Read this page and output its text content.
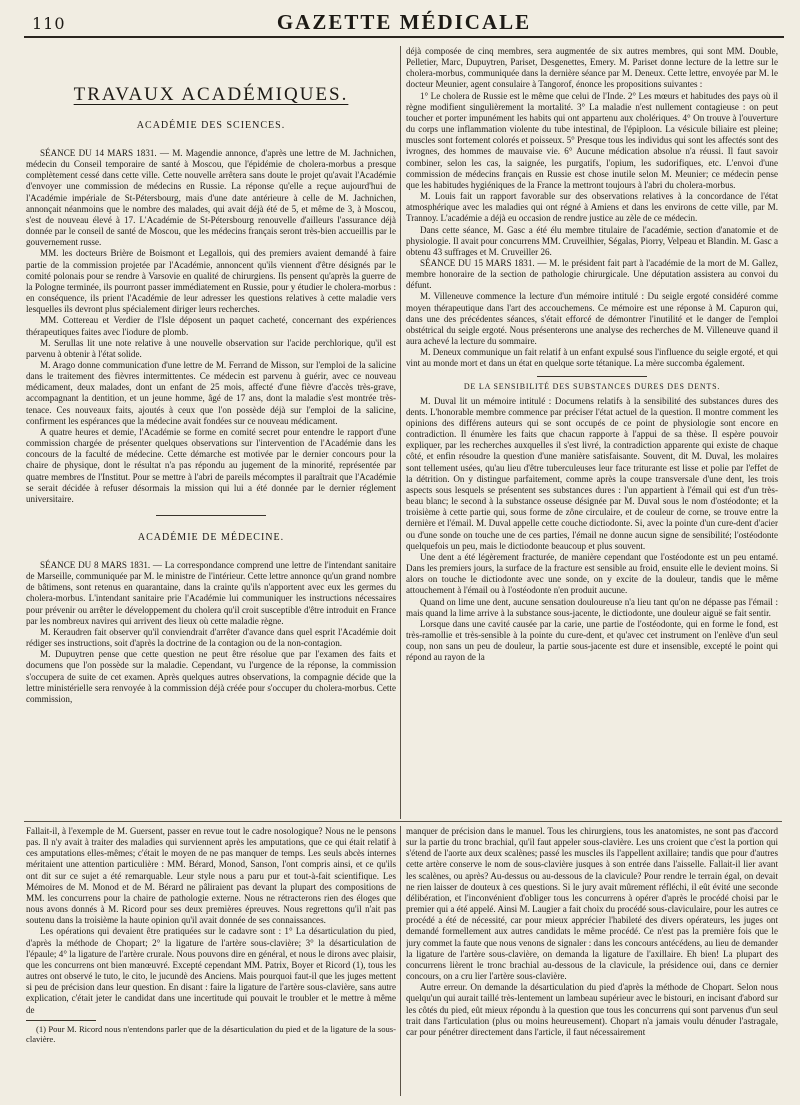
110	GAZETTE MÉDICALE
TRAVAUX ACADÉMIQUES.
ACADÉMIE DES SCIENCES.

SÉANCE DU 14 MARS 1831. — M. Magendie annonce, d'après une lettre de M. Jachnichen, médecin du Conseil temporaire de santé à Moscou, que l'épidémie de cholera-morbus a presque complètement cessé dans cette ville. Cette nouvelle arrêtera sans doute le projet qu'avait l'Académie d'envoyer une commission de médecins en Russie. La réponse qu'elle a reçue aujourd'hui de l'Académie impériale de St-Pétersbourg, mais d'une date antérieure à celle de M. Jachnichen, annonçait néanmoins que le nombre des malades, qui avait déjà été de 5, et même de 3, à Moscou, s'est de nouveau élevé à 17. L'Académie de St-Pétersbourg renouvelle d'ailleurs l'assurance déjà donnée par le conseil de santé de Moscou, que les médecins français seront très-bien accueillis par le gouvernement russe.

MM. les docteurs Brière de Boismont et Legallois, qui des premiers avaient demandé à faire partie de la commission projetée par l'Académie, annoncent qu'ils viennent d'être désignés par le comité polonais pour se rendre à Varsovie en qualité de chirurgiens. Ils pensent qu'après la guerre de la Pologne terminée, ils pourront passer immédiatement en Russie, pour y étudier le cholera-morbus : en conséquence, ils prient l'Académie de leur adresser les questions relatives à cette maladie vers lesquelles ils devront plus spécialement diriger leurs recherches.

MM. Cottereau et Verdier de l'Isle déposent un paquet cacheté, concernant des expériences thérapeutiques faites avec l'iodure de plomb.

M. Serullas lit une note relative à une nouvelle observation sur l'acide perchlorique, qu'il est parvenu à obtenir à l'état solide.

M. Arago donne communication d'une lettre de M. Ferrand de Misson, sur l'emploi de la salicine dans le traitement des fièvres intermittentes. Ce médecin est parvenu à guérir, avec ce nouveau médicament, deux malades, dont un enfant de 25 mois, affecté d'une fièvre d'accès très-grave, accompagnant la dentition, et un jeune homme, âgé de 17 ans, dont la maladie s'est montrée très-tenace. Ces nouveaux faits, ajoutés à ceux que l'on possède déjà sur l'emploi de la salicine, confirment les espérances que la médecine avait fondées sur ce nouveau médicament.

A quatre heures et demie, l'Académie se forme en comité secret pour entendre le rapport d'une commission chargée de présenter quelques observations sur l'intervention de l'Académie dans les concours de la faculté de médecine. Cette démarche est motivée par le dernier concours pour la chaire de physique, dont le résultat n'a pas répondu au jugement de la minorité, représentée par quatre membres de l'Institut. Pour se mettre à l'abri de pareils mécomptes il paraîtrait que l'Académie se serait décidée à refuser désormais la mission qui lui a été donnée par le dernier réglement universitaire.

ACADÉMIE DE MÉDECINE.

SÉANCE DU 8 MARS 1831. — La correspondance comprend une lettre de l'intendant sanitaire de Marseille, communiquée par M. le ministre de l'intérieur. Cette lettre annonce qu'un grand nombre de bâtimens, sont retenus en quarantaine, dans la crainte qu'ils n'apportent avec eux les germes du cholera-morbus. L'intendant sanitaire prie l'Académie lui communiquer les instructions nécessaires pour prévenir ou arrêter le développement du cholera qu'il croit susceptible d'être introduit en France par les nombreux navires qui arrivent des lieux où cette maladie règne.

M. Keraudren fait observer qu'il conviendrait d'arrêter d'avance dans quel esprit l'Académie doit rédiger ses instructions, soit d'après la doctrine de la contagion ou de la non-contagion.

M. Dupuytren pense que cette question ne peut être résolue que par l'examen des faits et documens que l'on possède sur la maladie. Cependant, vu l'urgence de la réponse, la commission s'occupera de suite de cet examen. Après quelques autres observations, la compagnie décide que la lettre ministérielle sera renvoyée à la commission déjà créée pour s'occuper du cholera-morbus. Cette commission,

déjà composée de cinq membres, sera augmentée de six autres membres, qui sont MM. Double, Pelletier, Marc, Dupuytren, Pariset, Desgenettes, Emery. M. Pariset donne lecture de la lettre sur le cholera-morbus, communiquée dans la dernière séance par M. Deneux. Cette lettre, envoyée par M. le docteur Meunier, agent consulaire à Tangorof, énonce les propositions suivantes :

1° Le cholera de Russie est le même que celui de l'Inde. 2° Les mœurs et habitudes des pays où il règne modifient singulièrement la mortalité. 3° La maladie n'est nullement contagieuse : on peut toucher et porter impunément les habits qui ont appartenu aux cholériques. 4° On trouve à l'ouverture du corps une inflammation violente du tube intestinal, de l'épiploon. La vésicule biliaire est pleine; muscles sont fortement colorés et poisseux. 5° Presque tous les individus qui sont les affectés sont des ivrognes, des hommes de mauvaise vie. 6° Aucune médication absolue n'a réussi. Il faut savoir combiner, selon les cas, la saignée, les purgatifs, l'opium, les sudorifiques, etc. L'envoi d'une commission de médecins français en Russie est chose inutile selon M. Meunier; ce médecin pense que les habitudes hygiéniques de la France la mettront toujours à l'abri du cholera-morbus.

M. Louis fait un rapport favorable sur des observations relatives à la concordance de l'état atmosphérique avec les maladies qui ont régné à Amiens et dans les environs de cette ville, par M. Trannoy. L'académie a déjà eu occasion de rendre justice au zèle de ce médecin.

Dans cette séance, M. Gasc a été élu membre titulaire de l'académie, section d'anatomie et de physiologie. Il avait pour concurrens MM. Cruveilhier, Ségalas, Piorry, Velpeau et Blandin. M. Gasc a obtenu 43 suffrages et M. Cruveiller 26.

SÉANCE DU 15 MARS 1831. — M. le président fait part à l'académie de la mort de M. Gallez, membre honoraire de la section de pathologie chirurgicale. Une députation assistera au convoi du défunt.

M. Villeneuve commence la lecture d'un mémoire intitulé : Du seigle ergoté considéré comme moyen thérapeutique dans l'art des accouchemens. Ce mémoire est une réponse à M. Capuron qui, dans une des précédentes séances, s'était efforcé de démontrer l'inutilité et le danger de l'emploi obstétrical du seigle ergoté. Nous présenterons une analyse des recherches de M. Villeneuve quand il aura achevé la lecture du sommaire.

M. Deneux communique un fait relatif à un enfant expulsé sous l'influence du seigle ergoté, et qui vint au monde mort et dans un état en quelque sorte tétanique. La mère succomba également.

DE LA SENSIBILITÉ DES SUBSTANCES DURES DES DENTS.

M. Duval lit un mémoire intitulé : Documens relatifs à la sensibilité des substances dures des dents. L'honorable membre commence par préciser l'état actuel de la question. Il montre comment les opinions des différens auteurs qui se sont occupés de ce point de physiologie sont encore en contradiction. Il énumère les faits que chacun rapporte à l'appui de sa thèse. Il espère pouvoir expliquer, par les recherches auxquelles il s'est livré, la contradiction apparente qui existe de chaque côté, et enfin résoudre la question d'une manière satisfaisante. Souvent, dit M. Duval, les molaires sont tellement usées, qu'au lieu d'être tuberculeuses leur face triturante est lisse et polie par l'effet de la détrition. On y distingue parfaitement, comme après la coupe transversale d'une dent, les trois aspects sous lesquels se présentent ses substances dures : l'un appartient à l'émail qui est d'un très-beau blanc; le second à la substance osseuse désignée par M. Duval sous le nom d'ostéodonte; et la troisième à cette partie qui, sous forme de zône circulaire, et de couleur de corne, se trouve entre la dernière et l'émail. M. Duval appelle cette couche dictiodonte. Si, avec la pointe d'un cure-dent d'acier ou d'une sonde on touche une de ces parties, l'émail ne donne aucun signe de sensibilité; l'ostéodonte quelquefois un peu, mais le dictiodonte beaucoup et plus souvent.

Une dent a été légèrement fracturée, de manière cependant que l'ostéodonte est un peu entamé. Dans les premiers jours, la surface de la fracture est sensible au froid, ensuite elle le devient moins. Si alors on touche le dictiodonte avec une sonde, on y excite de la douleur, tandis que le même attouchement à l'émail ou à l'ostéodonte n'en produit aucune.

Quand on lime une dent, aucune sensation douloureuse n'a lieu tant qu'on ne dépasse pas l'émail : mais quand la lime arrive à la substance sous-jacente, le dictiodonte, une douleur aiguë se fait sentir.

Lorsque dans une cavité causée par la carie, une partie de l'ostéodonte, qui en forme le fond, est très-ramollie et très-sensible à la pointe du cure-dent, et qu'avec cet instrument on l'enlève d'un seul coup, non sans un peu de douleur, la partie sous-jacente est dure et insensible, excepté le point qui répond au rayon de la

Fallait-il, à l'exemple de M. Guersent, passer en revue tout le cadre nosologique? Nous ne le pensons pas. Il n'y avait à traiter des maladies qui surviennent après les amputations, que ce qui était relatif à ces amputations elles-mêmes; c'était le moyen de ne pas manquer de temps. Les seuls abcès internes méritaient une attention particulière : MM. Bérard, Monod, Sanson, l'ont compris ainsi, et ce qu'ils ont dit sur ce sujet a été remarquable. Leur style nous a paru pur et tout-à-fait scientifique. Les Mémoires de M. Monod et de M. Bérard ne pâliraient pas devant la plupart des compositions de MM. les concurrens pour la chaire de pathologie externe. Nous ne rétracterons rien des éloges que nous avons donnés à M. Ricord pour ses deux premières épreuves. Nous regrettons qu'il n'ait pas soutenu dans la troisième la haute opinion qu'il avait donnée de ses connaissances.

Les opérations qui devaient être pratiquées sur le cadavre sont : 1° La désarticulation du pied, d'après la méthode de Chopart; 2° la ligature de l'artère sous-clavière; 3° la désarticulation de l'épaule; 4° la ligature de l'artère crurale. Nous pouvons dire en général, et nous le dirons avec plaisir, que les concurrens ont bien manœuvré. Excepté cependant MM. Patrix, Boyer et Ricord (1), tous les autres ont observé le tuto, le cito, le jucundè des Anciens. Mais pourquoi faut-il que les juges mettent si peu de précision dans leur question. En disant : faire la ligature de l'artère sous-clavière, sans autre explication, c'était jeter le candidat dans une incertitude qui pouvait le troubler et le mettre à même de

(1) Pour M. Ricord nous n'entendons parler que de la désarticulation du pied et de la ligature de la sous-clavière.

manquer de précision dans le manuel. Tous les chirurgiens, tous les anatomistes, ne sont pas d'accord sur la partie du tronc brachial, qu'il faut appeler sous-clavière. Les uns croient que c'est la portion qui s'étend de l'aorte aux deux scalènes; passé les muscles ils l'appellent axillaire; tandis que pour d'autres cette artère conserve le nom de sous-clavière jusques à son entrée dans l'aisselle. Fallait-il lier avant les scalènes, ou après? Au-dessus ou au-dessous de la clavicule? Pour rendre le terrain égal, on devait ne rien laisser de douteux à ces questions. Si le jury avait mûrement réfléchi, il eût évité une seconde délibération, et l'inconvénient d'obliger tous les concurrens à opérer d'après le procédé choisi par le premier qui a été appelé. Ainsi M. Laugier a fait choix du procédé sous-claviculaire, pour les autres ce procédé a été de nécessité, car pour mieux apprécier l'habileté des divers opérateurs, les juges ont demandé formellement aux autres candidats le même procédé. Ce n'est pas la première fois que le jury commet la faute que nous venons de signaler : dans les concours antécédens, au lieu de demander la ligature de l'artère sous-clavière, on demanda la ligature de l'axillaire. Eh bien! La plupart des concurrens lièrent le tronc brachial au-dessous de la clavicule, la présidence oui, dans ce dernier concours, on a cru lier l'artère sous-clavière.

Autre erreur. On demande la désarticulation du pied d'après la méthode de Chopart. Selon nous quelqu'un qui aurait taillé très-lentement un lambeau supérieur avec le bistouri, en incisant d'abord sur les côtés du pied, eût mieux répondu à la question que tous les concurrens qui sont parvenus d'un seul trait dans l'articulation (plus ou moins heureusement). Chopart n'a jamais voulu dénuder l'astragale, car pour pénétrer directement dans l'article, il faut nécessairement
